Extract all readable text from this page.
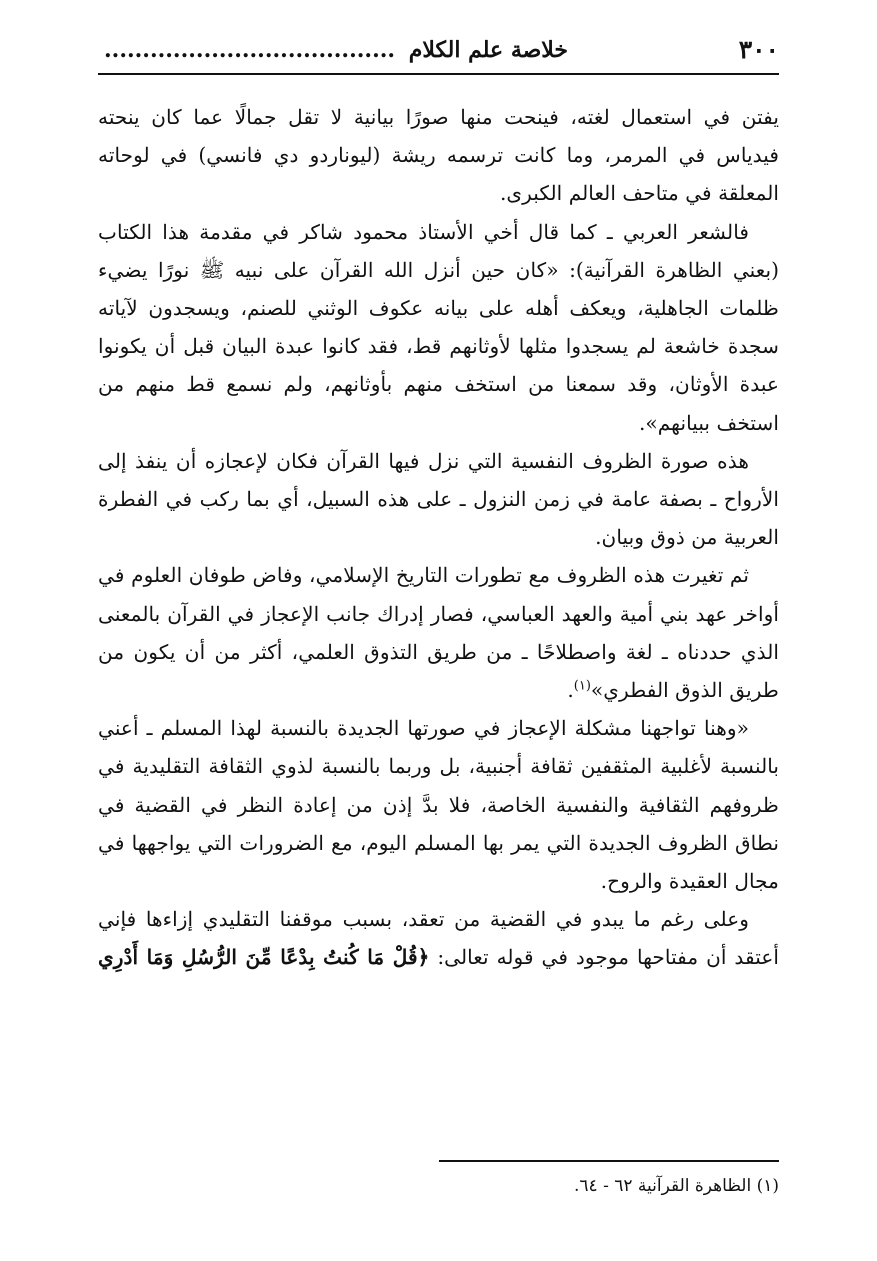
٣٠٠
خلاصة علم الكلام ......................................

يفتن في استعمال لغته، فينحت منها صورًا بيانية لا تقل جمالًا عما كان ينحته فيدياس في المرمر، وما كانت ترسمه ريشة (ليوناردو دي فانسي) في لوحاته المعلقة في متاحف العالم الكبرى.

فالشعر العربي ـ كما قال أخي الأستاذ محمود شاكر في مقدمة هذا الكتاب (بعني الظاهرة القرآنية): «كان حين أنزل الله القرآن على نبيه ﷺ نورًا يضيء ظلمات الجاهلية، ويعكف أهله على بيانه عكوف الوثني للصنم، ويسجدون لآياته سجدة خاشعة لم يسجدوا مثلها لأوثانهم قط، فقد كانوا عبدة البيان قبل أن يكونوا عبدة الأوثان، وقد سمعنا من استخف منهم بأوثانهم، ولم نسمع قط منهم من استخف ببيانهم».

هذه صورة الظروف النفسية التي نزل فيها القرآن فكان لإعجازه أن ينفذ إلى الأرواح ـ بصفة عامة في زمن النزول ـ على هذه السبيل، أي بما ركب في الفطرة العربية من ذوق وبيان.

ثم تغيرت هذه الظروف مع تطورات التاريخ الإسلامي، وفاض طوفان العلوم في أواخر عهد بني أمية والعهد العباسي، فصار إدراك جانب الإعجاز في القرآن بالمعنى الذي حددناه ـ لغة واصطلاحًا ـ من طريق التذوق العلمي، أكثر من أن يكون من طريق الذوق الفطري»$^{(١)}$.

«وهنا تواجهنا مشكلة الإعجاز في صورتها الجديدة بالنسبة لهذا المسلم ـ أعني بالنسبة لأغلبية المثقفين ثقافة أجنبية، بل وربما بالنسبة لذوي الثقافة التقليدية في ظروفهم الثقافية والنفسية الخاصة، فلا بدَّ إذن من إعادة النظر في القضية في نطاق الظروف الجديدة التي يمر بها المسلم اليوم، مع الضرورات التي يواجهها في مجال العقيدة والروح.

وعلى رغم ما يبدو في القضية من تعقد، بسبب موقفنا التقليدي إزاءها فإني أعتقد أن مفتاحها موجود في قوله تعالى: ﴿قُلْ مَا كُنتُ بِدْعًا مِّنَ الرُّسُلِ وَمَا أَدْرِي

(١) الظاهرة القرآنية ٦٢ - ٦٤.
